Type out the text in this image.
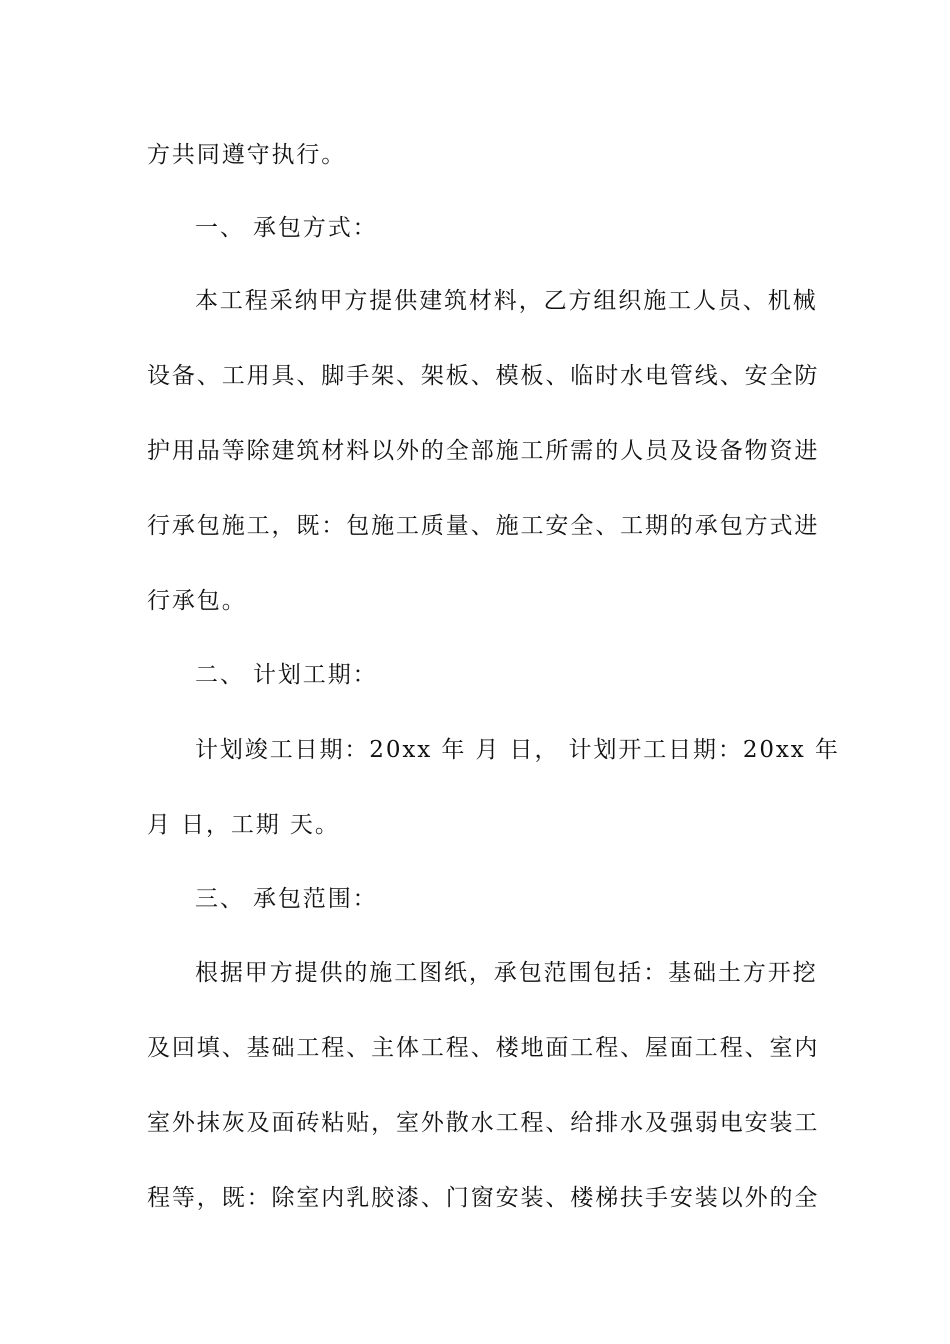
方共同遵守执行。
一、 承包方式：
本工程采纳甲方提供建筑材料，乙方组织施工人员、机械
设备、工用具、脚手架、架板、模板、临时水电管线、安全防
护用品等除建筑材料以外的全部施工所需的人员及设备物资进
行承包施工，既：包施工质量、施工安全、工期的承包方式进
行承包。
二、 计划工期：
计划竣工日期：20xx 年 月 日， 计划开工日期：20xx 年
月 日，工期 天。
三、 承包范围：
根据甲方提供的施工图纸，承包范围包括：基础土方开挖
及回填、基础工程、主体工程、楼地面工程、屋面工程、室内
室外抹灰及面砖粘贴，室外散水工程、给排水及强弱电安装工
程等，既：除室内乳胶漆、门窗安装、楼梯扶手安装以外的全
